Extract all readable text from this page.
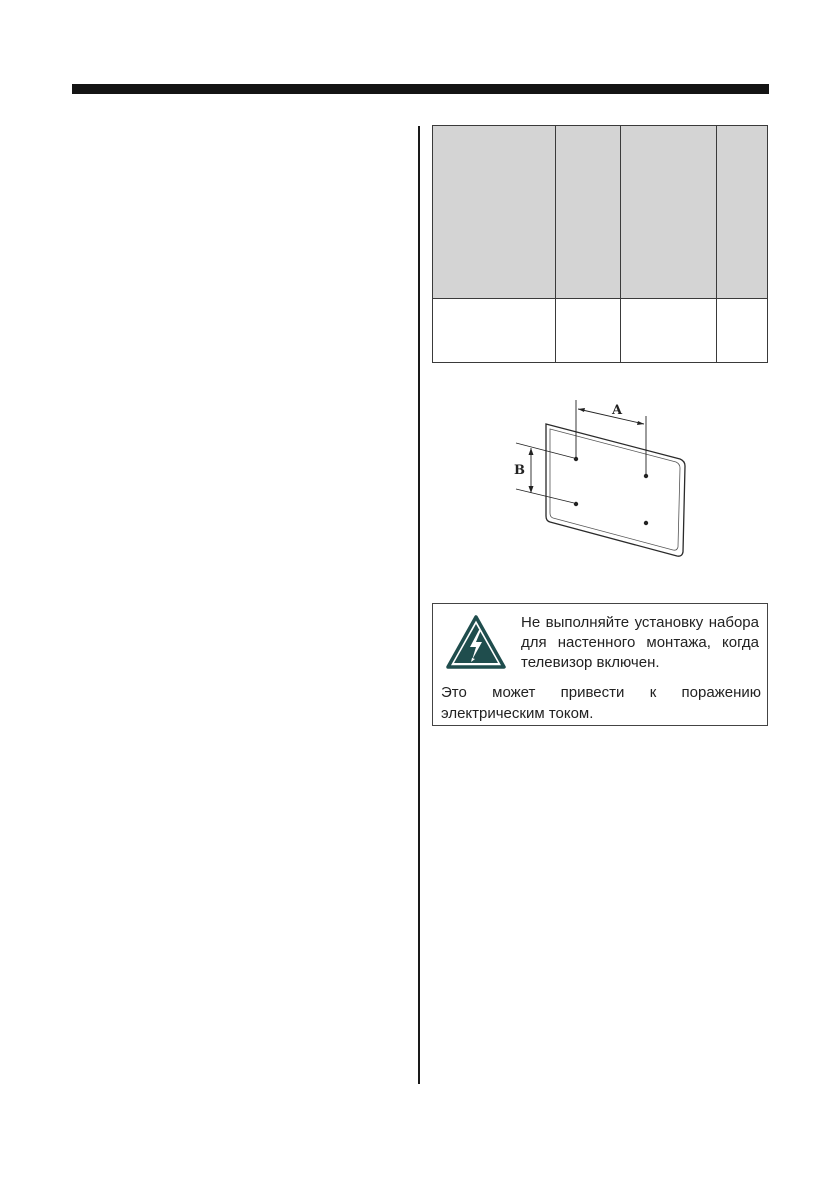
A
B

Не выполняйте установку набора для настенного монтажа, когда телевизор включен.

Это может привести к поражению электрическим током.
